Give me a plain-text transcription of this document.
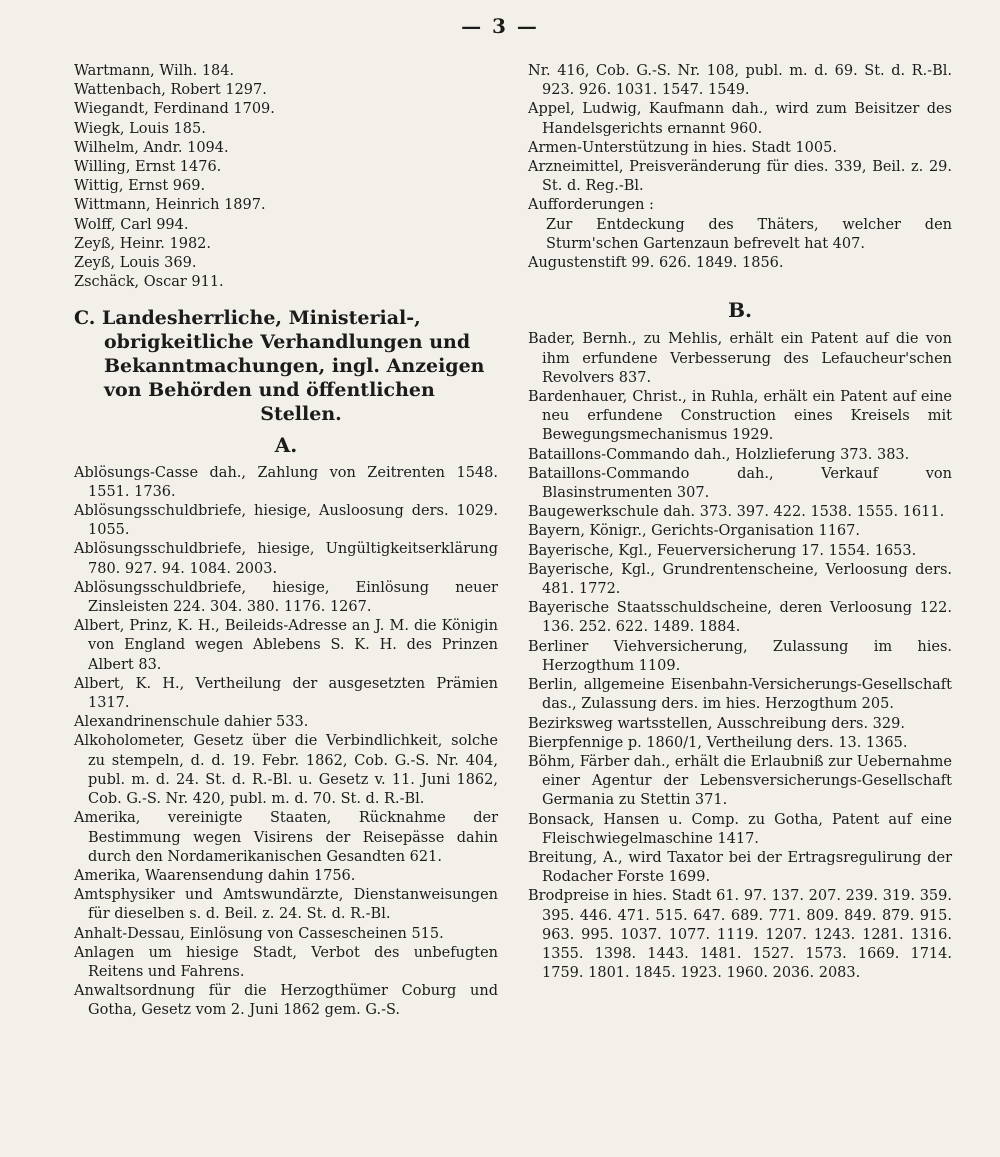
— 3 —

Wartmann, Wilh. 184.

Wattenbach, Robert 1297.

Wiegandt, Ferdinand 1709.

Wiegk, Louis 185.

Wilhelm, Andr. 1094.

Willing, Ernst 1476.

Wittig, Ernst 969.

Wittmann, Heinrich 1897.

Wolff, Carl 994.

Zeyß, Heinr. 1982.

Zeyß, Louis 369.

Zschäck, Oscar 911.

C. Landesherrliche, Ministerial-, obrigkeitliche Verhandlungen und Bekanntmachungen, ingl. Anzeigen von Behörden und öffentlichen
Stellen.
A.

Ablösungs-Casse dah., Zahlung von Zeitrenten 1548. 1551. 1736.

Ablösungsschuldbriefe, hiesige, Ausloosung ders. 1029. 1055.

Ablösungsschuldbriefe, hiesige, Ungültigkeitserklärung 780. 927. 94. 1084. 2003.

Ablösungsschuldbriefe, hiesige, Einlösung neuer Zinsleisten 224. 304. 380. 1176. 1267.

Albert, Prinz, K. H., Beileids-Adresse an J. M. die Königin von England wegen Ablebens S. K. H. des Prinzen Albert 83.

Albert, K. H., Vertheilung der ausgesetzten Prämien 1317.

Alexandrinenschule dahier 533.

Alkoholometer, Gesetz über die Verbindlichkeit, solche zu stempeln, d. d. 19. Febr. 1862, Cob. G.-S. Nr. 404, publ. m. d. 24. St. d. R.-Bl. u. Gesetz v. 11. Juni 1862, Cob. G.-S. Nr. 420, publ. m. d. 70. St. d. R.-Bl.

Amerika, vereinigte Staaten, Rücknahme der Bestimmung wegen Visirens der Reisepässe dahin durch den Nordamerikanischen Gesandten 621.

Amerika, Waarensendung dahin 1756.

Amtsphysiker und Amtswundärzte, Dienstanweisungen für dieselben s. d. Beil. z. 24. St. d. R.-Bl.

Anhalt-Dessau, Einlösung von Cassescheinen 515.

Anlagen um hiesige Stadt, Verbot des unbefugten Reitens und Fahrens.

Anwaltsordnung für die Herzogthümer Coburg und Gotha, Gesetz vom 2. Juni 1862 gem. G.-S.

Nr. 416, Cob. G.-S. Nr. 108, publ. m. d. 69. St. d. R.-Bl. 923. 926. 1031. 1547. 1549.

Appel, Ludwig, Kaufmann dah., wird zum Beisitzer des Handelsgerichts ernannt 960.

Armen-Unterstützung in hies. Stadt 1005.

Arzneimittel, Preisveränderung für dies. 339, Beil. z. 29. St. d. Reg.-Bl.

Aufforderungen :

Zur Entdeckung des Thäters, welcher den Sturm'schen Gartenzaun befrevelt hat 407.

Augustenstift 99. 626. 1849. 1856.

B.

Bader, Bernh., zu Mehlis, erhält ein Patent auf die von ihm erfundene Verbesserung des Lefaucheur'schen Revolvers 837.

Bardenhauer, Christ., in Ruhla, erhält ein Patent auf eine neu erfundene Construction eines Kreisels mit Bewegungsmechanismus 1929.

Bataillons-Commando dah., Holzlieferung 373. 383.

Bataillons-Commando dah., Verkauf von Blasinstrumenten 307.

Baugewerkschule dah. 373. 397. 422. 1538. 1555. 1611.

Bayern, Königr., Gerichts-Organisation 1167.

Bayerische, Kgl., Feuerversicherung 17. 1554. 1653.

Bayerische, Kgl., Grundrentenscheine, Verloosung ders. 481. 1772.

Bayerische Staatsschuldscheine, deren Verloosung 122. 136. 252. 622. 1489. 1884.

Berliner Viehversicherung, Zulassung im hies. Herzogthum 1109.

Berlin, allgemeine Eisenbahn-Versicherungs-Gesellschaft das., Zulassung ders. im hies. Herzogthum 205.

Bezirksweg wartsstellen, Ausschreibung ders. 329.

Bierpfennige p. 1860/1, Vertheilung ders. 13. 1365.

Böhm, Färber dah., erhält die Erlaubniß zur Uebernahme einer Agentur der Lebensversicherungs-Gesellschaft Germania zu Stettin 371.

Bonsack, Hansen u. Comp. zu Gotha, Patent auf eine Fleischwiegelmaschine 1417.

Breitung, A., wird Taxator bei der Ertragsregulirung der Rodacher Forste 1699.

Brodpreise in hies. Stadt 61. 97. 137. 207. 239. 319. 359. 395. 446. 471. 515. 647. 689. 771. 809. 849. 879. 915. 963. 995. 1037. 1077. 1119. 1207. 1243. 1281. 1316. 1355. 1398. 1443. 1481. 1527. 1573. 1669. 1714. 1759. 1801. 1845. 1923. 1960. 2036. 2083.
